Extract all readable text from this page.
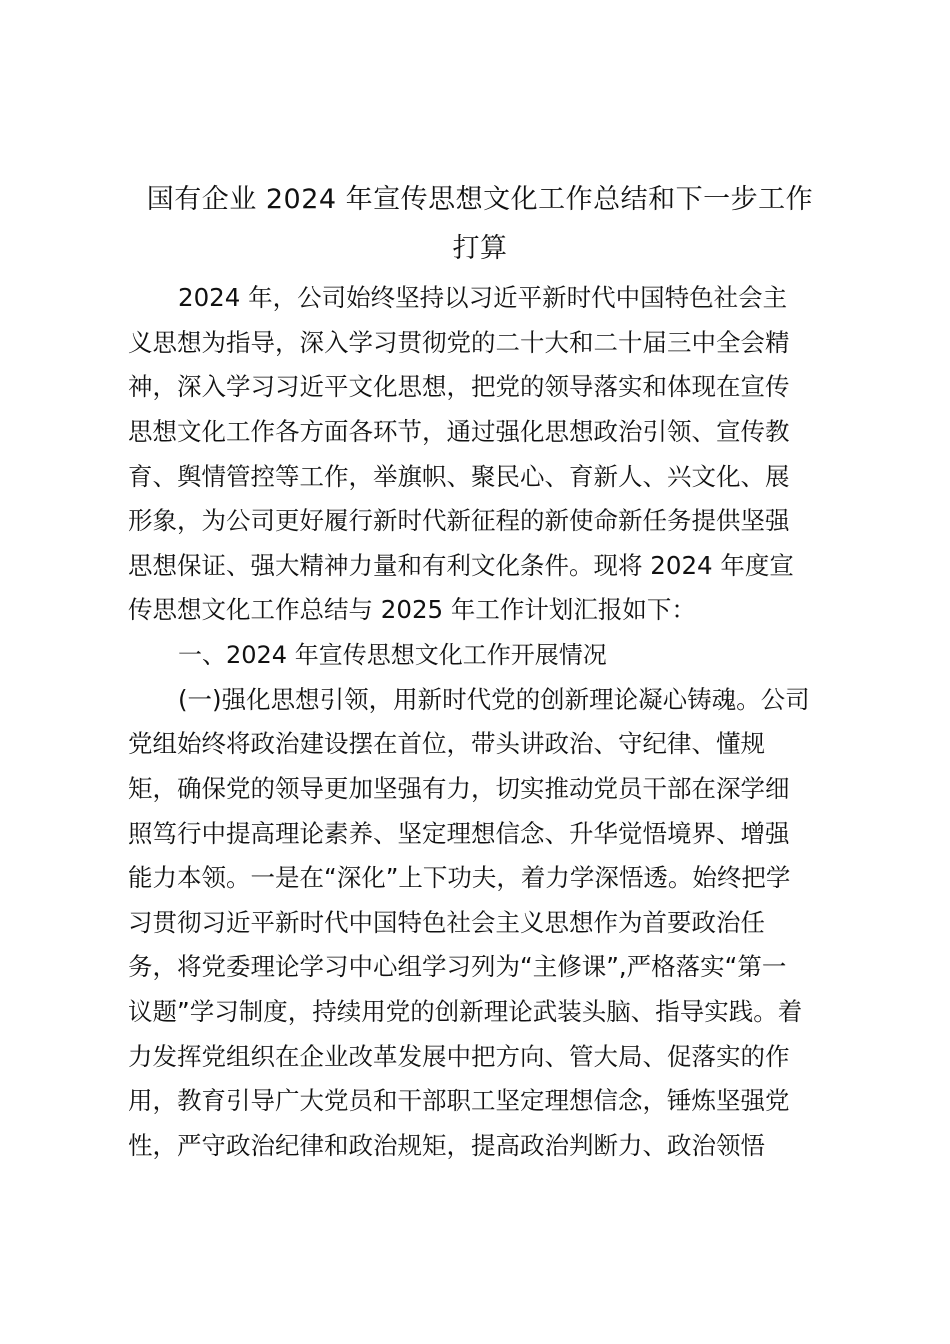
国有企业 2024 年宣传思想文化工作总结和下一步工作
打算
2024 年，公司始终坚持以习近平新时代中国特色社会主
义思想为指导，深入学习贯彻党的二十大和二十届三中全会精
神，深入学习习近平文化思想，把党的领导落实和体现在宣传
思想文化工作各方面各环节，通过强化思想政治引领、宣传教
育、舆情管控等工作，举旗帜、聚民心、育新人、兴文化、展
形象，为公司更好履行新时代新征程的新使命新任务提供坚强
思想保证、强大精神力量和有利文化条件。现将 2024 年度宣
传思想文化工作总结与 2025 年工作计划汇报如下：
一、2024 年宣传思想文化工作开展情况
(一)强化思想引领，用新时代党的创新理论凝心铸魂。公司
党组始终将政治建设摆在首位，带头讲政治、守纪律、懂规
矩，确保党的领导更加坚强有力，切实推动党员干部在深学细
照笃行中提高理论素养、坚定理想信念、升华觉悟境界、增强
能力本领。一是在“深化”上下功夫，着力学深悟透。始终把学
习贯彻习近平新时代中国特色社会主义思想作为首要政治任
务，将党委理论学习中心组学习列为“主修课”,严格落实“第一
议题”学习制度，持续用党的创新理论武装头脑、指导实践。着
力发挥党组织在企业改革发展中把方向、管大局、促落实的作
用，教育引导广大党员和干部职工坚定理想信念，锤炼坚强党
性，严守政治纪律和政治规矩，提高政治判断力、政治领悟
